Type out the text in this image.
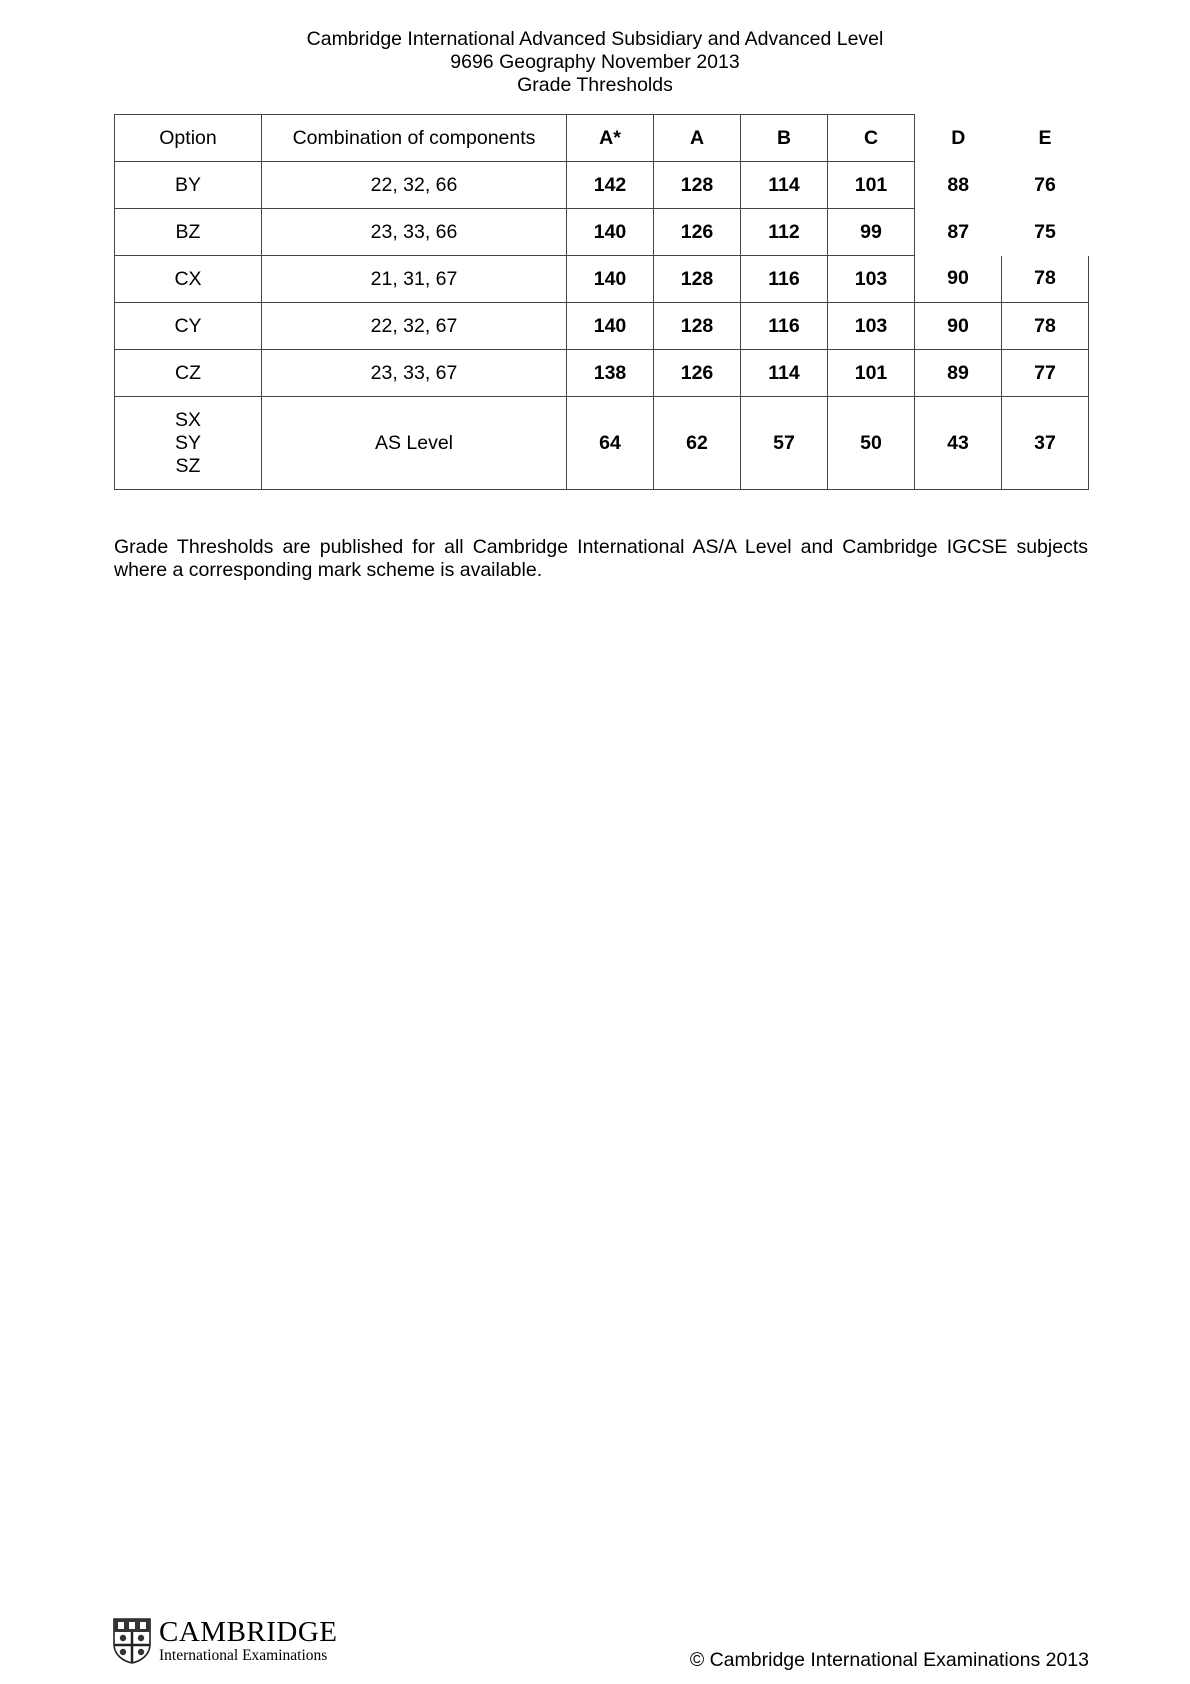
Cambridge International Advanced Subsidiary and Advanced Level
9696 Geography November 2013
Grade Thresholds
Option	Combination of components	A*	A	B	C	D	E
BY	22, 32, 66	142	128	114	101	88	76
BZ	23, 33, 66	140	126	112	99	87	75
CX	21, 31, 67	140	128	116	103	90	78
CY	22, 32, 67	140	128	116	103	90	78
CZ	23, 33, 67	138	126	114	101	89	77

SX
SY
SZ	AS Level	64	62	57	50	43	37
Grade Thresholds are published for all Cambridge International AS/A Level and Cambridge IGCSE subjects where a corresponding mark scheme is available.
CAMBRIDGE
International Examinations	© Cambridge International Examinations 2013
